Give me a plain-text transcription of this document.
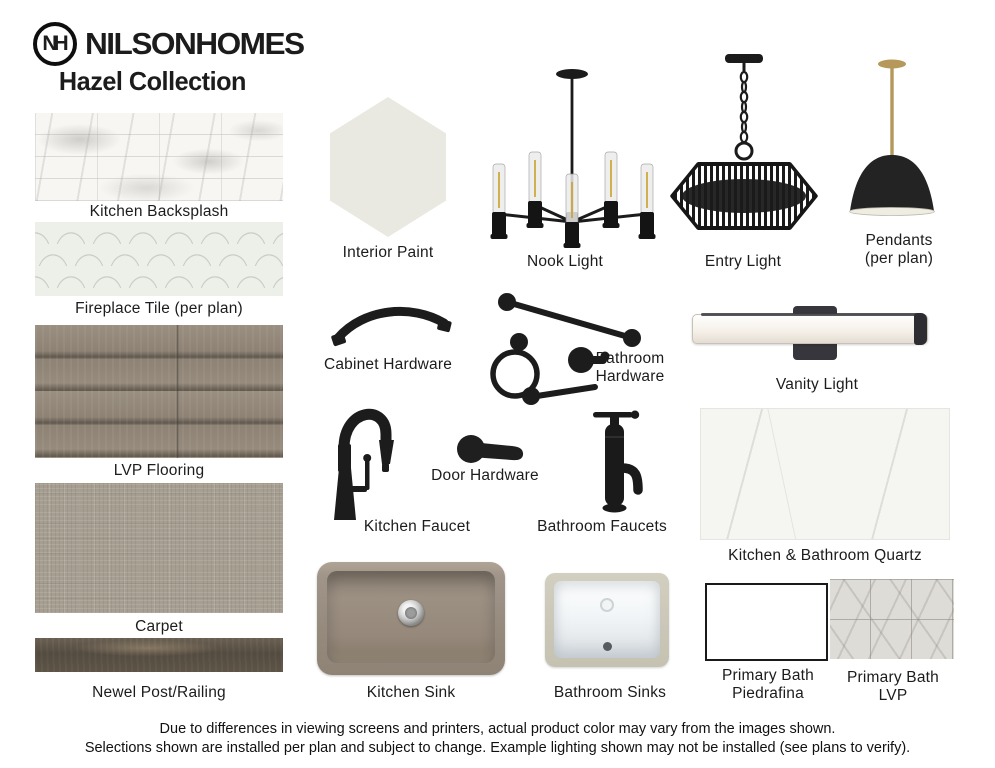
NH NILSONHOMES
Hazel Collection
Kitchen Backsplash
Fireplace Tile (per plan)
LVP Flooring
Carpet
Newel Post/Railing
Interior Paint
Cabinet Hardware
Kitchen Faucet
Kitchen Sink
Nook Light
Bathroom
Hardware
Door Hardware
Bathroom Faucets
Bathroom Sinks
Entry Light
Vanity Light
Pendants
(per plan)
Kitchen & Bathroom Quartz
Primary Bath
Piedrafina
Primary Bath
LVP
Due to differences in viewing screens and printers, actual product color may vary from the images shown.
Selections shown are installed per plan and subject to change. Example lighting shown may not be installed (see plans to verify).
